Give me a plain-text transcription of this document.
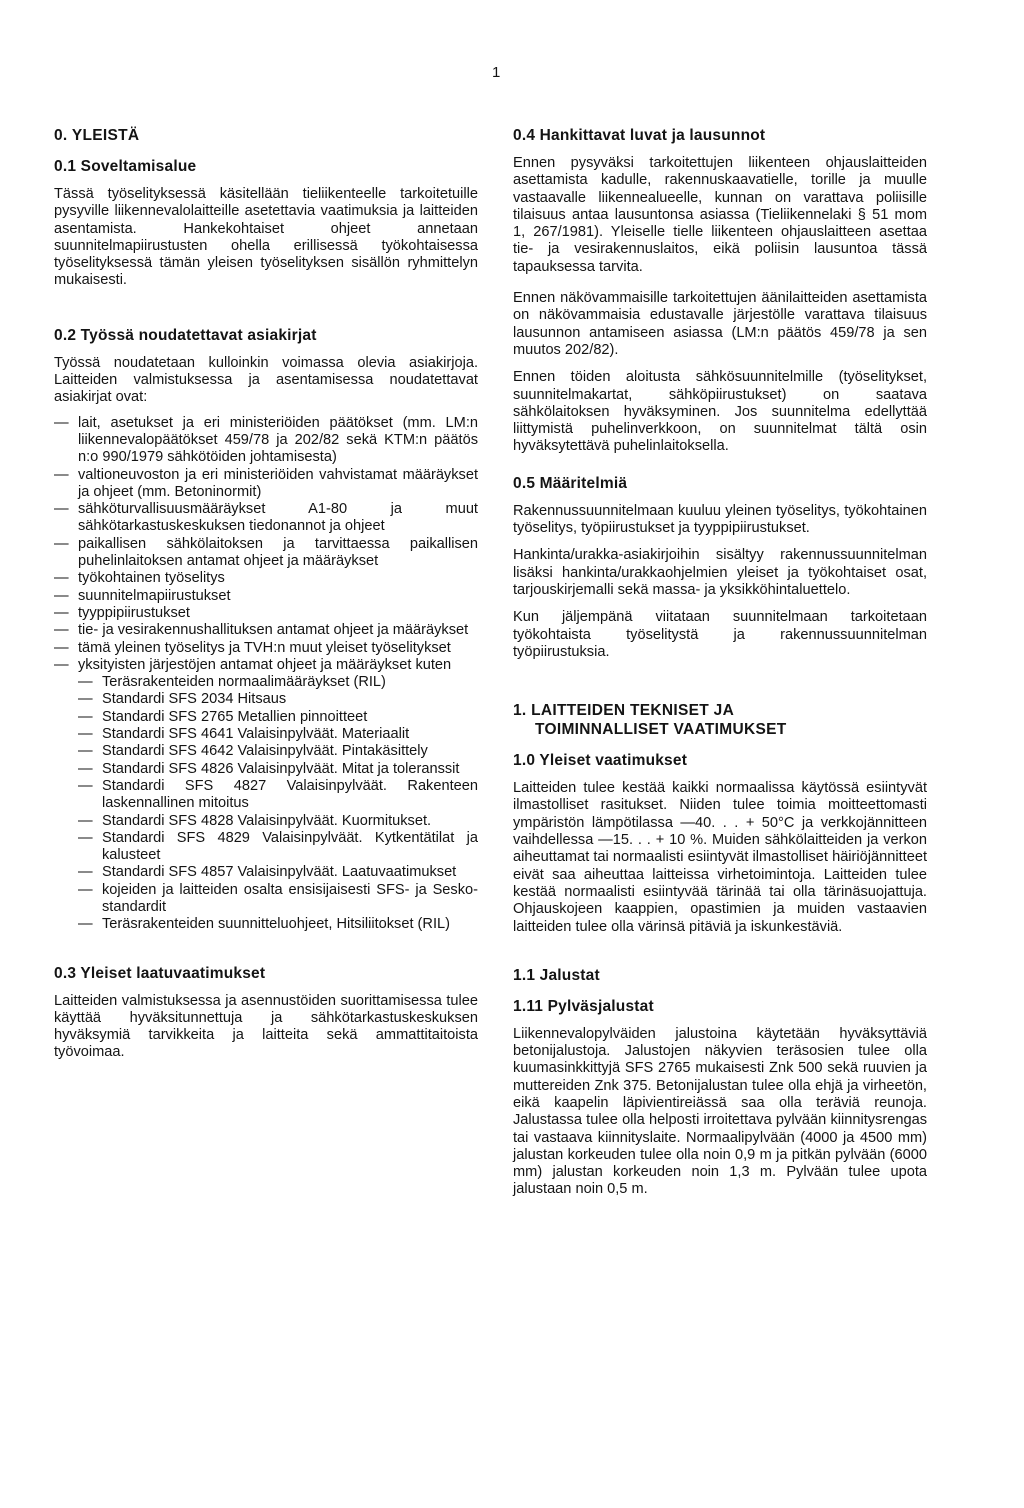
1
0. YLEISTÄ
0.1 Soveltamisalue

Tässä työselityksessä käsitellään tieliikenteelle tarkoitetuille pysyville liikennevalolaitteille asetettavia vaatimuksia ja laitteiden asentamista. Hankekohtaiset ohjeet annetaan suunnitelmapiirustusten ohella erillisessä työkohtaisessa työselityksessä tämän yleisen työselityksen sisällön ryhmittelyn mukaisesti.

0.2 Työssä noudatettavat asiakirjat

Työssä noudatetaan kulloinkin voimassa olevia asiakirjoja. Laitteiden valmistuksessa ja asentamisessa noudatettavat asiakirjat ovat:

— lait, asetukset ja eri ministeriöiden päätökset (mm. LM:n liikennevalopäätökset 459/78 ja 202/82 sekä KTM:n päätös n:o 990/1979 sähkötöiden johtamisesta)
— valtioneuvoston ja eri ministeriöiden vahvistamat määräykset ja ohjeet (mm. Betoninormit)
— sähköturvallisuusmääräykset A1-80 ja muut sähkötarkastuskeskuksen tiedonannot ja ohjeet
— paikallisen sähkölaitoksen ja tarvittaessa paikallisen puhelinlaitoksen antamat ohjeet ja määräykset
— työkohtainen työselitys
— suunnitelmapiirustukset
— tyyppipiirustukset
— tie- ja vesirakennushallituksen antamat ohjeet ja määräykset
— tämä yleinen työselitys ja TVH:n muut yleiset työselitykset
— yksityisten järjestöjen antamat ohjeet ja määräykset kuten
— Teräsrakenteiden normaalimääräykset (RIL)
— Standardi SFS 2034 Hitsaus
— Standardi SFS 2765 Metallien pinnoitteet
— Standardi SFS 4641 Valaisinpylväät. Materiaalit
— Standardi SFS 4642 Valaisinpylväät. Pintakäsittely
— Standardi SFS 4826 Valaisinpylväät. Mitat ja toleranssit
— Standardi SFS 4827 Valaisinpylväät. Rakenteen laskennallinen mitoitus
— Standardi SFS 4828 Valaisinpylväät. Kuormitukset.
— Standardi SFS 4829 Valaisinpylväät. Kytkentätilat ja kalusteet
— Standardi SFS 4857 Valaisinpylväät. Laatuvaatimukset
— kojeiden ja laitteiden osalta ensisijaisesti SFS- ja Sesko-standardit
— Teräsrakenteiden suunnitteluohjeet, Hitsiliitokset (RIL)
0.3 Yleiset laatuvaatimukset

Laitteiden valmistuksessa ja asennustöiden suorittamisessa tulee käyttää hyväksitunnettuja ja sähkötarkastuskeskuksen hyväksymiä tarvikkeita ja laitteita sekä ammattitaitoista työvoimaa.

0.4 Hankittavat luvat ja lausunnot

Ennen pysyväksi tarkoitettujen liikenteen ohjauslaitteiden asettamista kadulle, rakennuskaavatielle, torille ja muulle vastaavalle liikennealueelle, kunnan on varattava poliisille tilaisuus antaa lausuntonsa asiassa (Tieliikennelaki § 51 mom 1, 267/1981). Yleiselle tielle liikenteen ohjauslaitteen asettaa tie- ja vesirakennuslaitos, eikä poliisin lausuntoa tässä tapauksessa tarvita.

Ennen näkövammaisille tarkoitettujen äänilaitteiden asettamista on näkövammaisia edustavalle järjestölle varattava tilaisuus lausunnon antamiseen asiassa (LM:n päätös 459/78 ja sen muutos 202/82).

Ennen töiden aloitusta sähkösuunnitelmille (työselitykset, suunnitelmakartat, sähköpiirustukset) on saatava sähkölaitoksen hyväksyminen. Jos suunnitelma edellyttää liittymistä puhelinverkkoon, on suunnitelmat tältä osin hyväksytettävä puhelinlaitoksella.

0.5 Määritelmiä

Rakennussuunnitelmaan kuuluu yleinen työselitys, työkohtainen työselitys, työpiirustukset ja tyyppipiirustukset.

Hankinta/urakka-asiakirjoihin sisältyy rakennussuunnitelman lisäksi hankinta/urakkaohjelmien yleiset ja työkohtaiset osat, tarjouskirjemalli sekä massa- ja yksikköhintaluettelo.

Kun jäljempänä viitataan suunnitelmaan tarkoitetaan työkohtaista työselitystä ja rakennussuunnitelman työpiirustuksia.

1. LAITTEIDEN TEKNISET JA
TOIMINNALLISET VAATIMUKSET
1.0 Yleiset vaatimukset

Laitteiden tulee kestää kaikki normaalissa käytössä esiintyvät ilmastolliset rasitukset. Niiden tulee toimia moitteettomasti ympäristön lämpötilassa —40. . . + 50°C ja verkkojännitteen vaihdellessa —15. . . + 10 %. Muiden sähkölaitteiden ja verkon aiheuttamat tai normaalisti esiintyvät ilmastolliset häiriöjännitteet eivät saa aiheuttaa laitteissa virhetoimintoja. Laitteiden tulee kestää normaalisti esiintyvää tärinää tai olla tärinäsuojattuja. Ohjauskojeen kaappien, opastimien ja muiden vastaavien laitteiden tulee olla värinsä pitäviä ja iskunkestäviä.

1.1 Jalustat
1.11 Pylväsjalustat

Liikennevalopylväiden jalustoina käytetään hyväksyttäviä betonijalustoja. Jalustojen näkyvien teräsosien tulee olla kuumasinkkittyjä SFS 2765 mukaisesti Znk 500 sekä ruuvien ja muttereiden Znk 375. Betonijalustan tulee olla ehjä ja virheetön, eikä kaapelin läpivientireiässä saa olla teräviä reunoja. Jalustassa tulee olla helposti irroitettava pylvään kiinnitysrengas tai vastaava kiinnityslaite. Normaalipylvään (4000 ja 4500 mm) jalustan korkeuden tulee olla noin 0,9 m ja pitkän pylvään (6000 mm) jalustan korkeuden noin 1,3 m. Pylvään tulee upota jalustaan noin 0,5 m.
